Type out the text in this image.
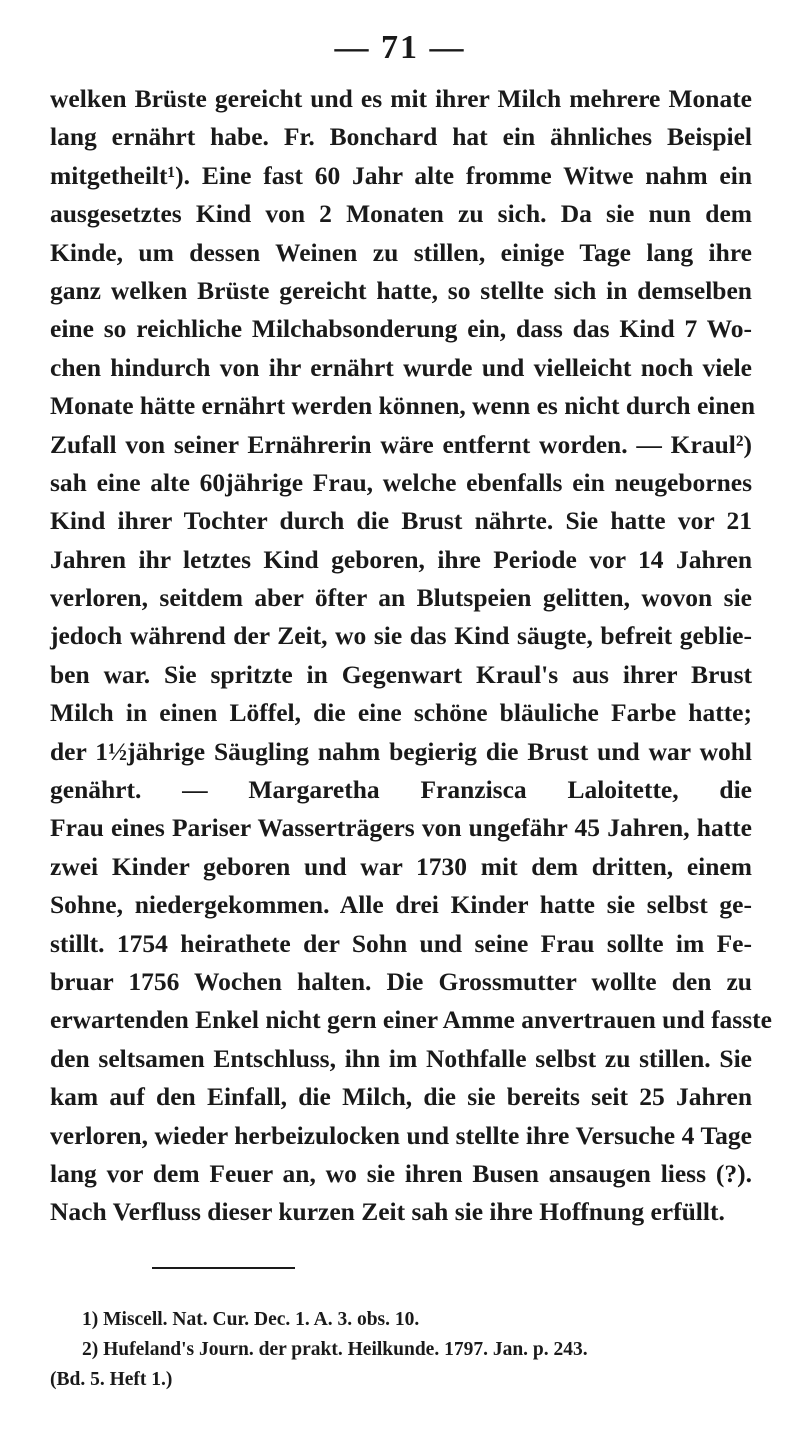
— 71 —
welken Brüste gereicht und es mit ihrer Milch mehrere Monate
lang ernährt habe. Fr. Bonchard hat ein ähnliches Beispiel
mitgetheilt¹). Eine fast 60 Jahr alte fromme Witwe nahm ein
ausgesetztes Kind von 2 Monaten zu sich. Da sie nun dem
Kinde, um dessen Weinen zu stillen, einige Tage lang ihre
ganz welken Brüste gereicht hatte, so stellte sich in demselben
eine so reichliche Milchabsonderung ein, dass das Kind 7 Wo-
chen hindurch von ihr ernährt wurde und vielleicht noch viele
Monate hätte ernährt werden können, wenn es nicht durch einen
Zufall von seiner Ernährerin wäre entfernt worden. — Kraul²)
sah eine alte 60jährige Frau, welche ebenfalls ein neugebornes
Kind ihrer Tochter durch die Brust nährte. Sie hatte vor 21
Jahren ihr letztes Kind geboren, ihre Periode vor 14 Jahren
verloren, seitdem aber öfter an Blutspeien gelitten, wovon sie
jedoch während der Zeit, wo sie das Kind säugte, befreit geblie-
ben war. Sie spritzte in Gegenwart Kraul's aus ihrer Brust
Milch in einen Löffel, die eine schöne bläuliche Farbe hatte;
der 1½jährige Säugling nahm begierig die Brust und war wohl
genährt. — Margaretha Franzisca Laloitette, die
Frau eines Pariser Wasserträgers von ungefähr 45 Jahren, hatte
zwei Kinder geboren und war 1730 mit dem dritten, einem
Sohne, niedergekommen. Alle drei Kinder hatte sie selbst ge-
stillt. 1754 heirathete der Sohn und seine Frau sollte im Fe-
bruar 1756 Wochen halten. Die Grossmutter wollte den zu
erwartenden Enkel nicht gern einer Amme anvertrauen und fasste
den seltsamen Entschluss, ihn im Nothfalle selbst zu stillen. Sie
kam auf den Einfall, die Milch, die sie bereits seit 25 Jahren
verloren, wieder herbeizulocken und stellte ihre Versuche 4 Tage
lang vor dem Feuer an, wo sie ihren Busen ansaugen liess (?).
Nach Verfluss dieser kurzen Zeit sah sie ihre Hoffnung erfüllt.
1) Miscell. Nat. Cur. Dec. 1. A. 3. obs. 10.
2) Hufeland's Journ. der prakt. Heilkunde. 1797. Jan. p. 243.
(Bd. 5. Heft 1.)
